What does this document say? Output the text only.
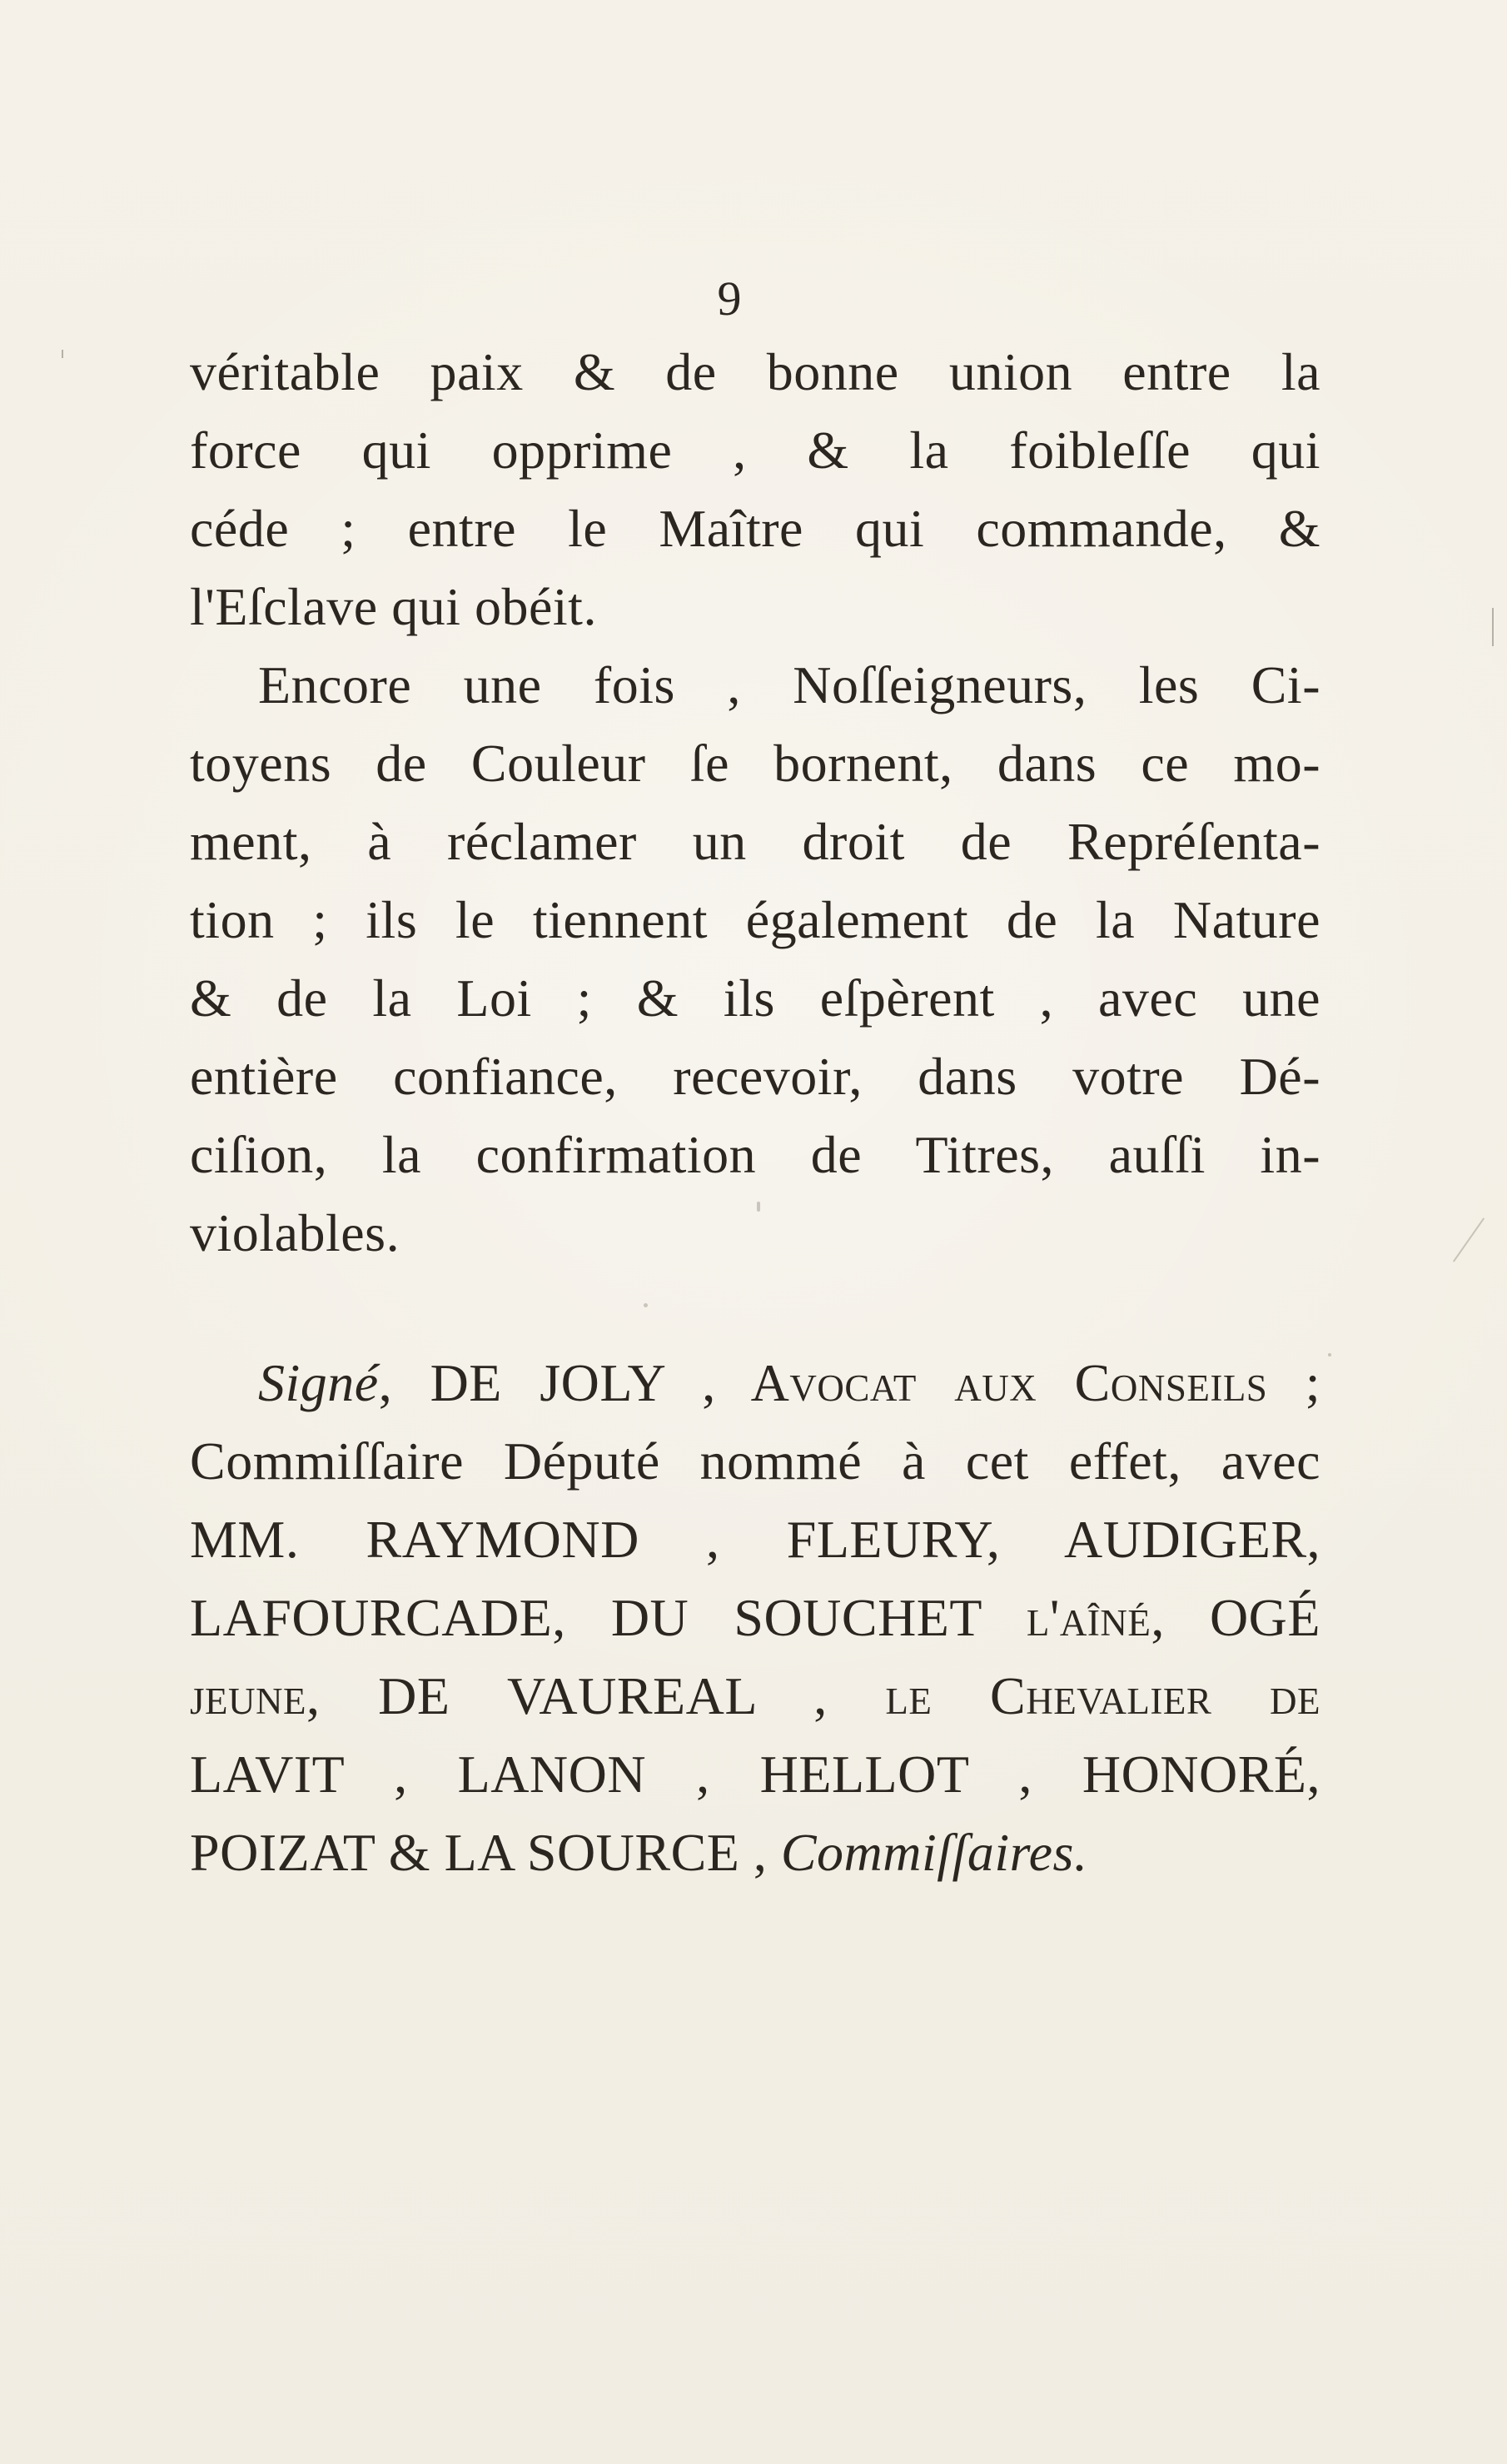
9
véritable paix & de bonne union entre la
force qui opprime , & la foibleſſe qui
céde ; entre le Maître qui commande, &
l'Eſclave qui obéit.
Encore une fois , Noſſeigneurs, les Ci-
toyens de Couleur ſe bornent, dans ce mo-
ment, à réclamer un droit de Repréſenta-
tion ; ils le tiennent également de la Nature
& de la Loi ; & ils eſpèrent , avec une
entière confiance, recevoir, dans votre Dé-
ciſion, la confirmation de Titres, auſſi in-
violables.
Signé, DE JOLY , Avocat aux Conſeils ;
Commiſſaire Député nommé à cet effet, avec
MM. RAYMOND , FLEURY, AUDIGER,
LAFOURCADE, DU SOUCHET l'aîné, OGÉ
jeune, DE VAUREAL , le Chevalier de
LAVIT , LANON , HELLOT , HONORÉ,
POIZAT & LA SOURCE , Commiſſaires.
